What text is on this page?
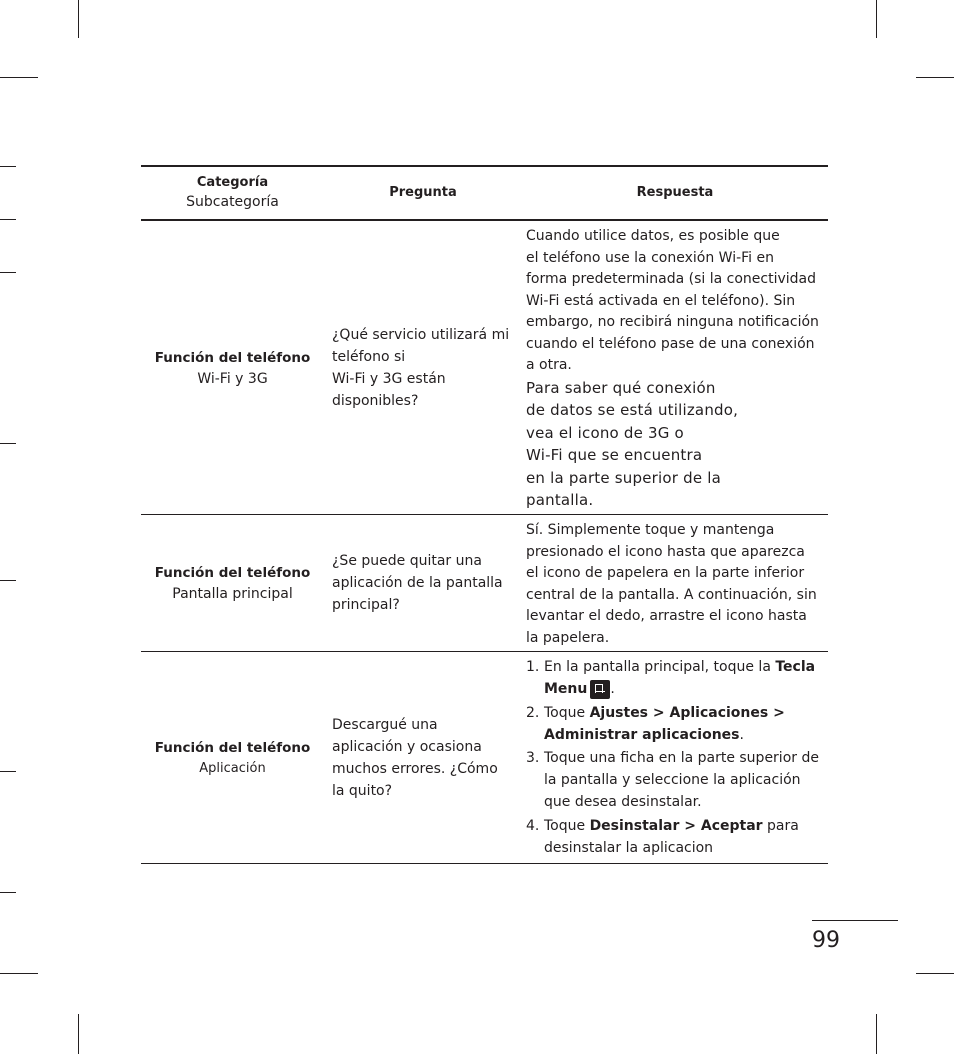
Categoría
Subcategoría
Pregunta	Respuesta
Función del teléfono
Wi-Fi y 3G
¿Qué servicio utilizará mi
teléfono si
Wi-Fi y 3G están
disponibles?
Cuando utilice datos, es posible que
el teléfono use la conexión Wi-Fi en
forma predeterminada (si la conectividad
Wi-Fi está activada en el teléfono). Sin
embargo, no recibirá ninguna notificación
cuando el teléfono pase de una conexión
a otra.
Para saber qué conexión
de datos se está utilizando,
vea el icono de 3G o
Wi-Fi que se encuentra
en la parte superior de la
pantalla.
Función del teléfono
Pantalla principal
¿Se puede quitar una
aplicación de la pantalla
principal?
Sí. Simplemente toque y mantenga
presionado el icono hasta que aparezca
el icono de papelera en la parte inferior
central de la pantalla. A continuación, sin
levantar el dedo, arrastre el icono hasta
la papelera.
Función del teléfono
Aplicación
Descargué una
aplicación y ocasiona
muchos errores. ¿Cómo
la quito?
1. En la pantalla principal, toque la Tecla Menu .
2. Toque Ajustes > Aplicaciones > Administrar aplicaciones.
3. Toque una ficha en la parte superior de la pantalla y seleccione la aplicación que desea desinstalar.
4. Toque Desinstalar > Aceptar para desinstalar la aplicacion
99
